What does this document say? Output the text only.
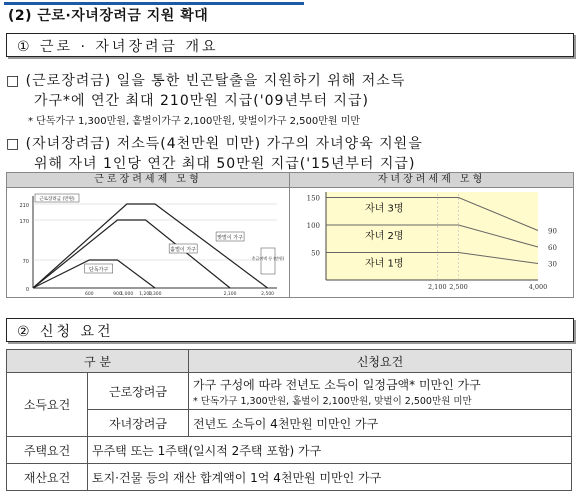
(2) 근로·자녀장려금 지원 확대
① 근로 · 자녀장려금 개요
□ (근로장려금) 일을 통한 빈곤탈출을 지원하기 위해 저소득
가구*에 연간 최대 210만원 지급('09년부터 지급)
* 단독가구 1,300만원, 홑벌이가구 2,100만원, 맞벌이가구 2,500만원 미만
□ (자녀장려금) 저소득(4천만원 미만) 가구의 자녀양육 지원을
위해 자녀 1인당 연간 최대 50만원 지급('15년부터 지급)
근로장려세제 모형	자녀장려세제 모형
210
170
70
0
600	900
1,000 1,200
1,300	2,100	2,500
단독가구
홑벌이 가구
맞벌이 가구
근로장려금 (만원)
총급여액 등 (만원)
150
100
50
90
60
30
2,100 2,500	4,000
자녀 3명
자녀 2명
자녀 1명
② 신청 요건
구 분		신청요건
소득요건	근로장려금	가구 구성에 따라 전년도 소득이 일정금액* 미만인 가구
* 단독가구 1,300만원, 홑벌이 2,100만원, 맞벌이 2,500만원 미만

	자녀장려금	전년도 소득이 4천만원 미만인 가구
주택요건	무주택 또는 1주택(일시적 2주택 포함) 가구	
재산요건	토지·건물 등의 재산 합계액이 1억 4천만원 미만인 가구	
